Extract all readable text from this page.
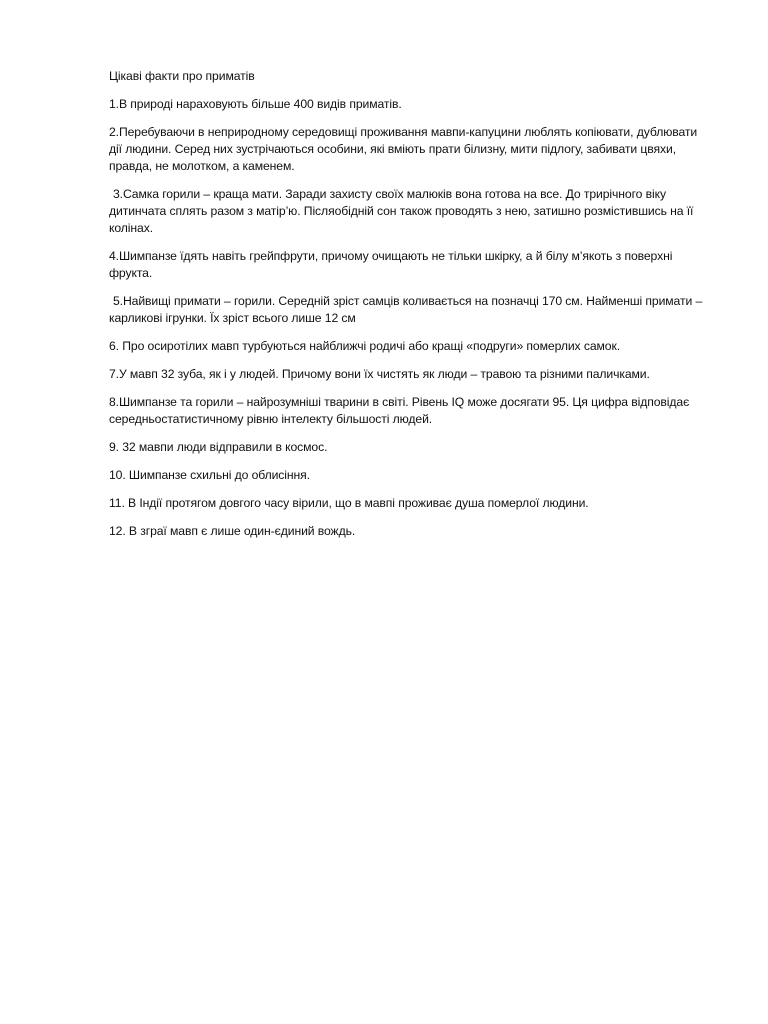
Цікаві факти про приматів

1.В природі нараховують більше 400 видів приматів.

2.Перебуваючи в неприродному середовищі проживання мавпи-капуцини люблять копіювати, дублювати дії людини. Серед них зустрічаються особини, які вміють прати білизну, мити підлогу, забивати цвяхи, правда, не молотком, а каменем.

3.Самка горили – краща мати. Заради захисту своїх малюків вона готова на все. До трирічного віку дитинчата сплять разом з матір’ю. Післяобідній сон також проводять з нею, затишно розмістившись на її колінах.

4.Шимпанзе їдять навіть грейпфрути, причому очищають не тільки шкірку, а й білу м’якоть з поверхні фрукта.

5.Найвищі примати – горили. Середній зріст самців коливається на позначці 170 см. Найменші примати – карликові ігрунки. Їх зріст всього лише 12 см

6. Про осиротілих мавп турбуються найближчі родичі або кращі «подруги» померлих самок.

7.У мавп 32 зуба, як і у людей. Причому вони їх чистять як люди – травою та різними паличками.

8.Шимпанзе та горили – найрозумніші тварини в світі. Рівень IQ може досягати 95. Ця цифра відповідає середньостатистичному рівню інтелекту більшості людей.

9. 32 мавпи люди відправили в космос.

10. Шимпанзе схильні до облисіння.

11. В Індії протягом довгого часу вірили, що в мавпі проживає душа померлої людини.

12. В зграї мавп є лише один-єдиний вождь.
